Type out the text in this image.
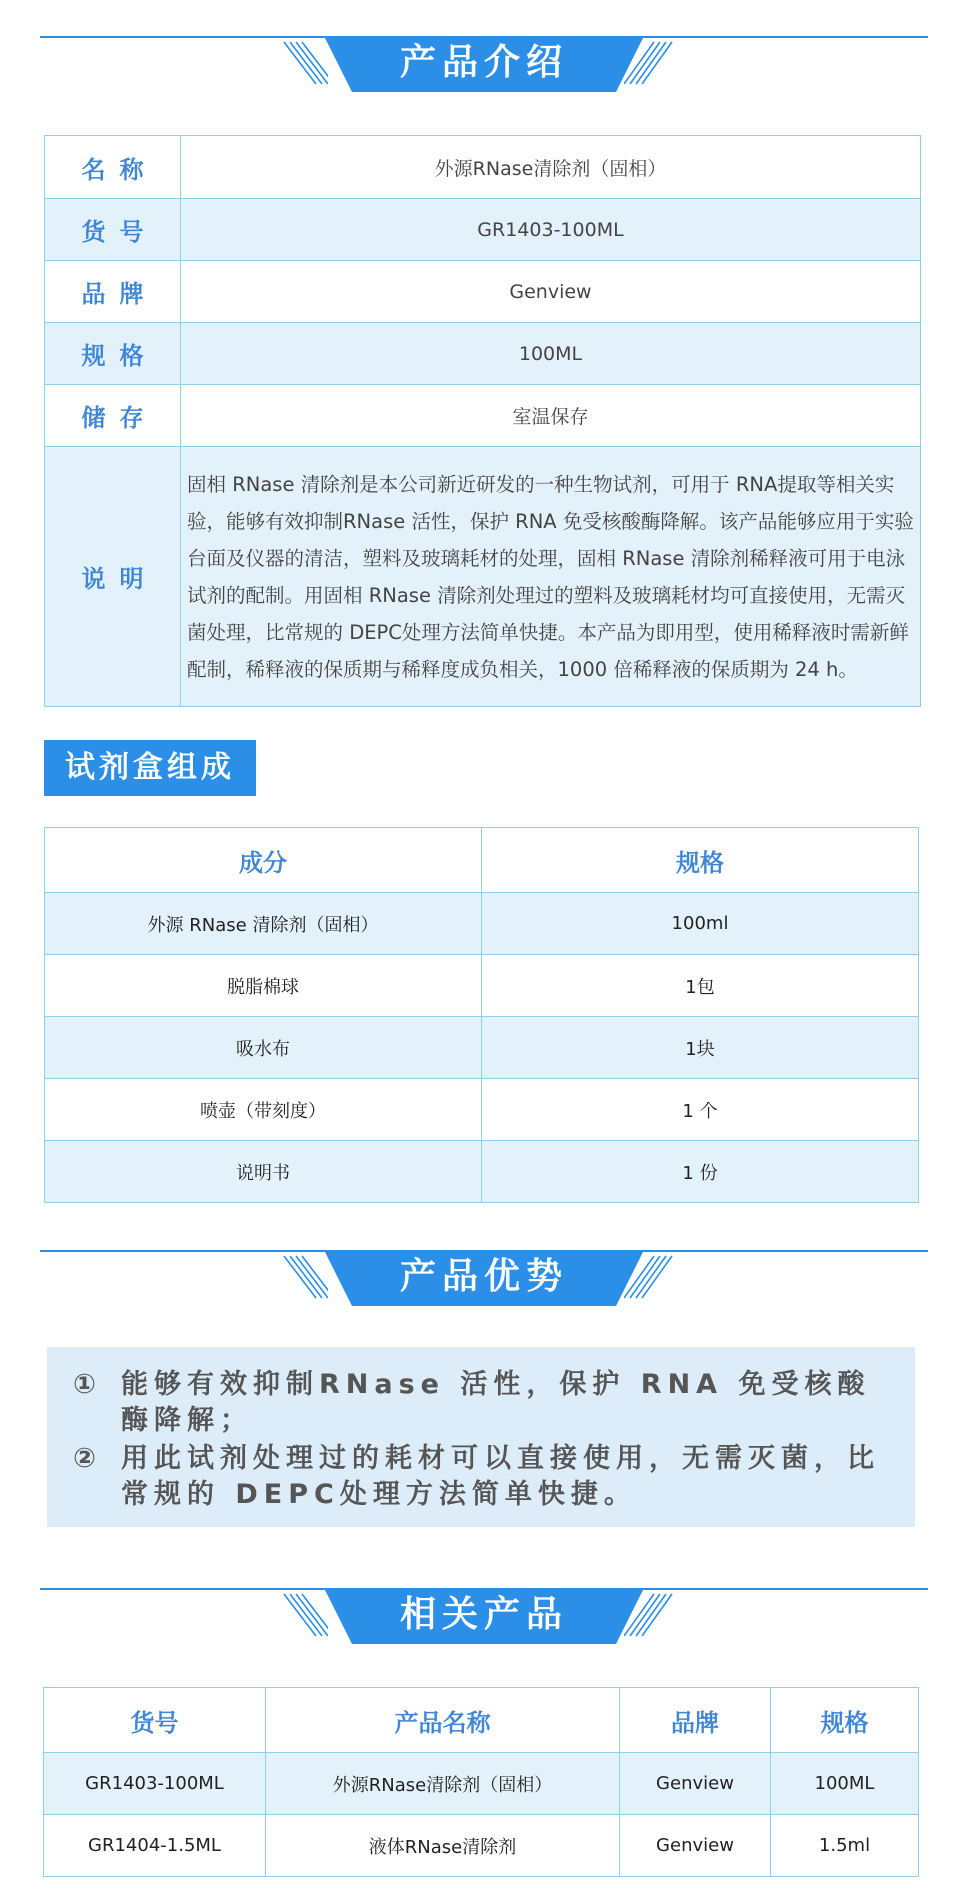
产品介绍
名称	外源RNase清除剂（固相）
货号	GR1403-100ML
品牌	Genview
规格	100ML
储存	室温保存
说明	固相 RNase 清除剂是本公司新近研发的一种生物试剂，可用于 RNA提取等相关实验，能够有效抑制RNase 活性，保护 RNA 免受核酸酶降解。该产品能够应用于实验台面及仪器的清洁，塑料及玻璃耗材的处理，固相 RNase 清除剂稀释液可用于电泳试剂的配制。用固相 RNase 清除剂处理过的塑料及玻璃耗材均可直接使用，无需灭菌处理，比常规的 DEPC处理方法简单快捷。本产品为即用型，使用稀释液时需新鲜配制，稀释液的保质期与稀释度成负相关，1000 倍稀释液的保质期为 24 h。
试剂盒组成
成分	规格
外源 RNase 清除剂（固相）	100ml
脱脂棉球	1包
吸水布	1块
喷壶（带刻度）	1 个
说明书	1 份
产品优势
① 能够有效抑制RNase 活性，保护 RNA 免受核酸酶降解；
② 用此试剂处理过的耗材可以直接使用，无需灭菌，比常规的 DEPC处理方法简单快捷。
相关产品
货号	产品名称	品牌	规格
GR1403-100ML	外源RNase清除剂（固相）	Genview	100ML
GR1404-1.5ML	液体RNase清除剂	Genview	1.5ml
